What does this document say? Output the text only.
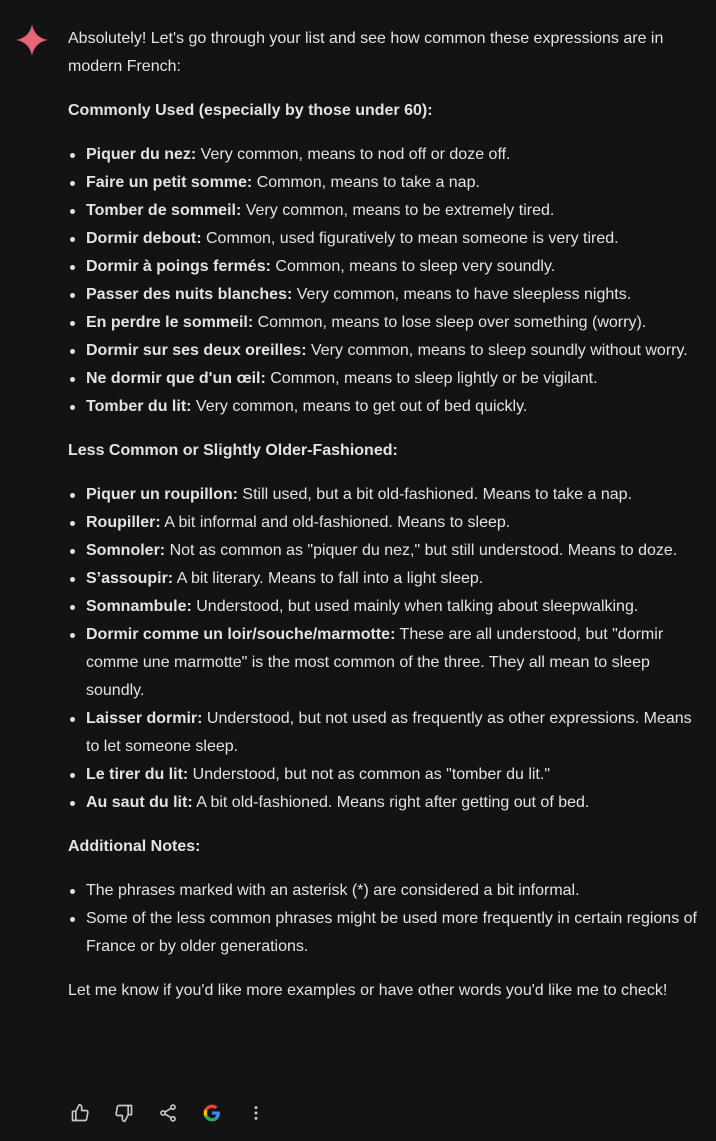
Absolutely! Let's go through your list and see how common these expressions are in modern French:

Commonly Used (especially by those under 60):

Piquer du nez: Very common, means to nod off or doze off.
Faire un petit somme: Common, means to take a nap.
Tomber de sommeil: Very common, means to be extremely tired.
Dormir debout: Common, used figuratively to mean someone is very tired.
Dormir à poings fermés: Common, means to sleep very soundly.
Passer des nuits blanches: Very common, means to have sleepless nights.
En perdre le sommeil: Common, means to lose sleep over something (worry).
Dormir sur ses deux oreilles: Very common, means to sleep soundly without worry.
Ne dormir que d'un œil: Common, means to sleep lightly or be vigilant.
Tomber du lit: Very common, means to get out of bed quickly.

Less Common or Slightly Older-Fashioned:

Piquer un roupillon: Still used, but a bit old-fashioned. Means to take a nap.
Roupiller: A bit informal and old-fashioned. Means to sleep.
Somnoler: Not as common as "piquer du nez," but still understood. Means to doze.
S’assoupir: A bit literary. Means to fall into a light sleep.
Somnambule: Understood, but used mainly when talking about sleepwalking.
Dormir comme un loir/souche/marmotte: These are all understood, but "dormir comme une marmotte" is the most common of the three. They all mean to sleep soundly.
Laisser dormir: Understood, but not used as frequently as other expressions. Means to let someone sleep.
Le tirer du lit: Understood, but not as common as "tomber du lit."
Au saut du lit: A bit old-fashioned. Means right after getting out of bed.

Additional Notes:

The phrases marked with an asterisk (*) are considered a bit informal.
Some of the less common phrases might be used more frequently in certain regions of France or by older generations.

Let me know if you'd like more examples or have other words you'd like me to check!
